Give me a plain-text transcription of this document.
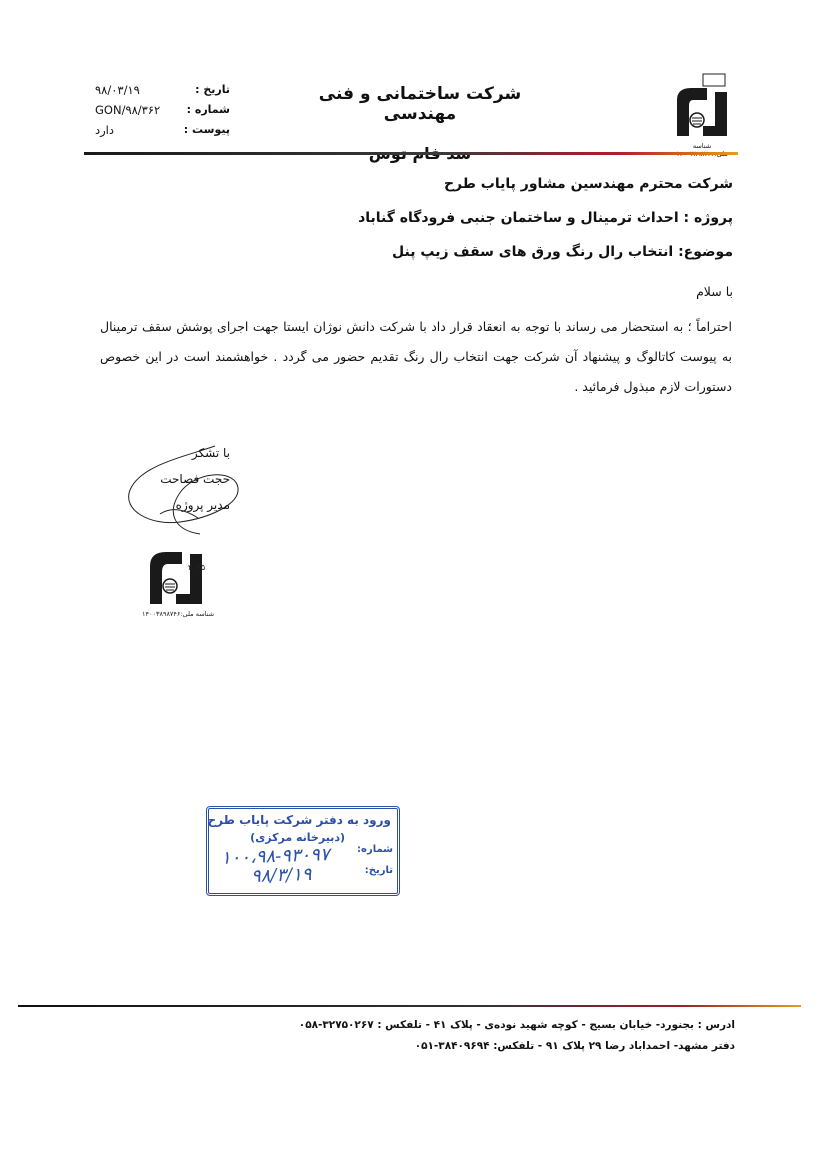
تاریخ :
۹۸/۰۳/۱۹
شماره :
GON/۹۸/۳۶۲
پیوست :
دارد
شرکت ساختمانی و فنی مهندسی
شناسه
شرکت محترم مهندسین مشاور پایاب طرح
پروژه : احداث ترمینال و ساختمان جنبی فرودگاه گناباد
موضوع: انتخاب رال رنگ ورق های سقف زیپ پنل
با سلام
احتراماً ؛ به استحضار می رساند با توجه به انعقاد قرار داد با شرکت دانش نوژان ایستا جهت اجرای پوشش سقف ترمینال به پیوست کاتالوگ و پیشنهاد آن شرکت جهت انتخاب رال رنگ تقدیم حضور می گردد . خواهشمند است در این خصوص دستورات لازم مبذول فرمائید .
۴۰۶۵
شناسه ملی:۱۴۰۰۳۸۹۸۷۴۶
با تشکر
حجت فصاحت
مدیر پروژه
ورود به دفتر شرکت پایاب طرح
(دبیرخانه مرکزی)
شماره:
تاریخ:
۱۰۰،۹۸-۹۳۰۹۷
۹۸/۳/۱۹
ادرس : بجنورد- خیابان بسیج - کوچه شهید نوده‌ی - پلاک ۴۱ - تلفکس : ۳۲۷۵۰۲۶۷-۰۵۸
دفتر مشهد- احمداباد رضا ۲۹ پلاک ۹۱ - تلفکس: ۳۸۴۰۹۶۹۴-۰۵۱
